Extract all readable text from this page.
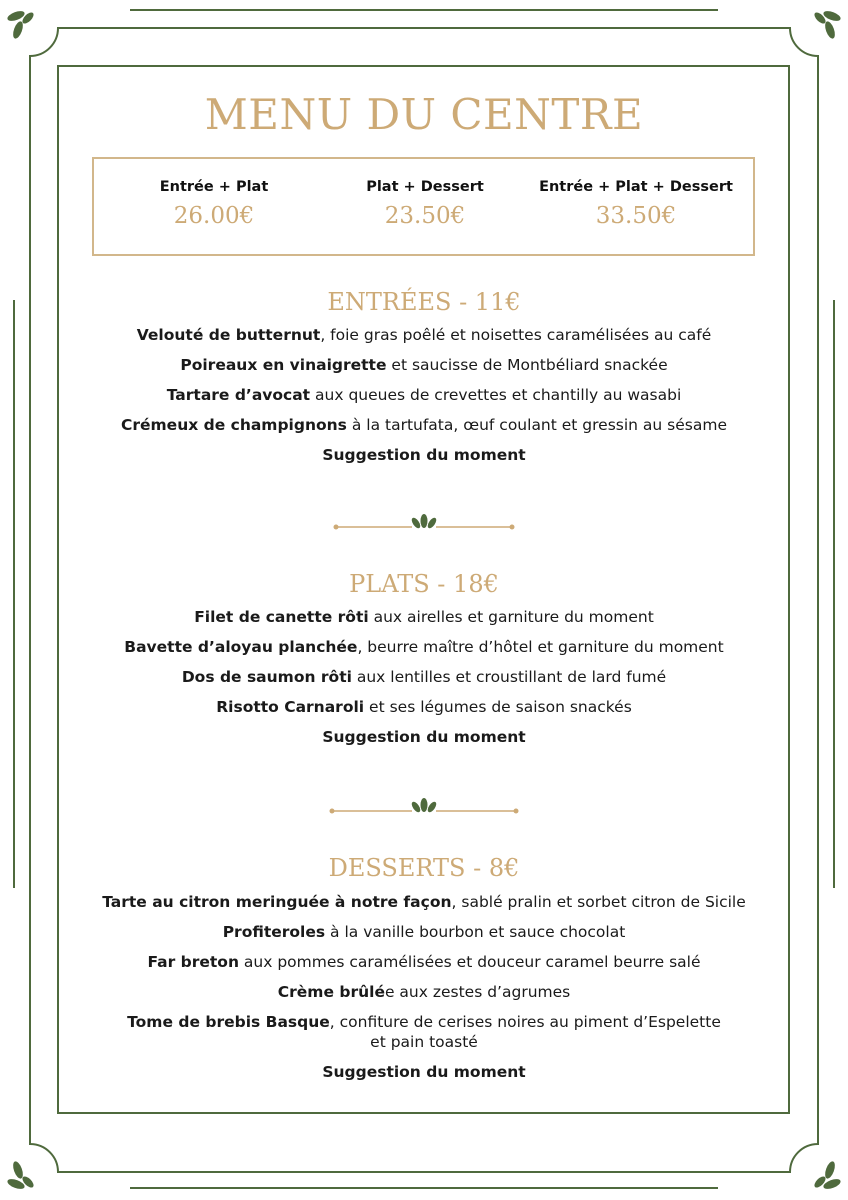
MENU DU CENTRE
Entrée + Plat
26.00€
Plat + Dessert
23.50€
Entrée + Plat + Dessert
33.50€
ENTRÉES - 11€
Velouté de butternut, foie gras poêlé et noisettes caramélisées au café
Poireaux en vinaigrette et saucisse de Montbéliard snackée
Tartare d’avocat aux queues de crevettes et chantilly au wasabi
Crémeux de champignons à la tartufata, œuf coulant et gressin au sésame
Suggestion du moment
PLATS - 18€
Filet de canette rôti aux airelles et garniture du moment
Bavette d’aloyau planchée, beurre maître d’hôtel et garniture du moment
Dos de saumon rôti aux lentilles et croustillant de lard fumé
Risotto Carnaroli et ses légumes de saison snackés
Suggestion du moment
DESSERTS - 8€
Tarte au citron meringuée à notre façon, sablé pralin et sorbet citron de Sicile
Profiteroles à la vanille bourbon et sauce chocolat
Far breton aux pommes caramélisées et douceur caramel beurre salé
Crème brûlée aux zestes d’agrumes
Tome de brebis Basque, confiture de cerises noires au piment d’Espelette
et pain toasté
Suggestion du moment
